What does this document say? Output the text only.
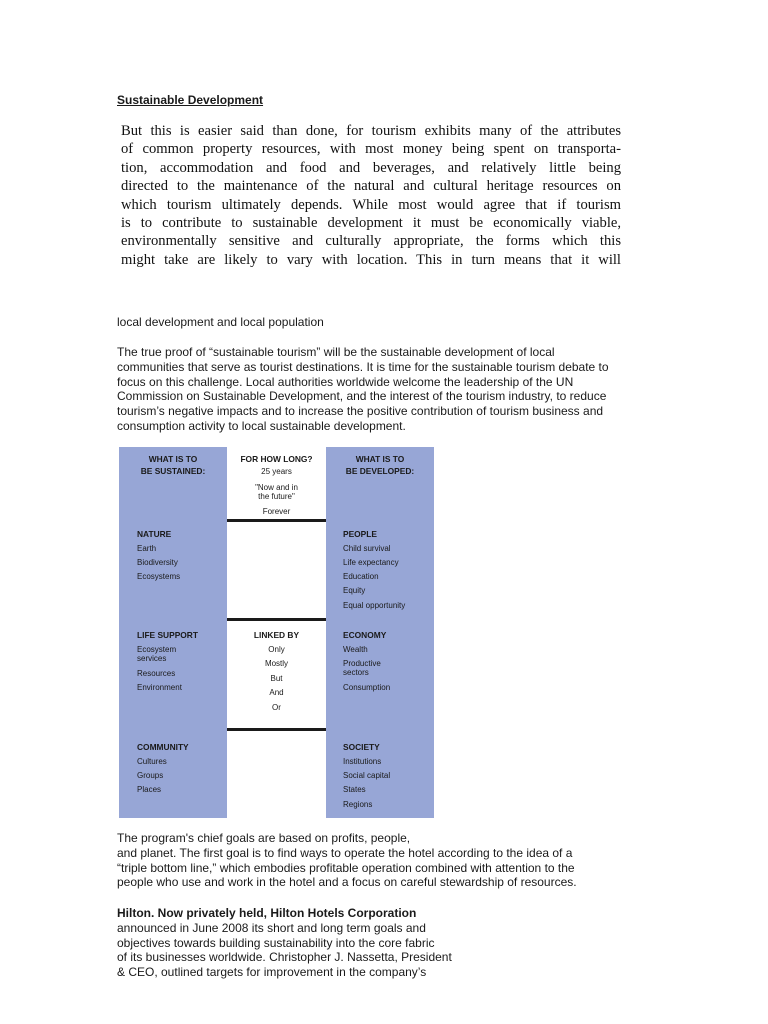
Sustainable Development
But this is easier said than done, for tourism exhibits many of the attributes
of common property resources, with most money being spent on transporta-
tion, accommodation and food and beverages, and relatively little being
directed to the maintenance of the natural and cultural heritage resources on
which tourism ultimately depends. While most would agree that if tourism
is to contribute to sustainable development it must be economically viable,
environmentally sensitive and culturally appropriate, the forms which this
might take are likely to vary with location. This in turn means that it will
local development and local population
The true proof of “sustainable tourism” will be the sustainable development of local
communities that serve as tourist destinations. It is time for the sustainable tourism debate to
focus on this challenge. Local authorities worldwide welcome the leadership of the UN
Commission on Sustainable Development, and the interest of the tourism industry, to reduce
tourism’s negative impacts and to increase the positive contribution of tourism business and
consumption activity to local sustainable development.
WHAT IS TO
BE SUSTAINED:
FOR HOW LONG?	WHAT IS TO
BE DEVELOPED:
25 years
"Now and in
the future"
Forever
LINKED BY
Only
Mostly
But
And
Or
NATURE
Earth
Biodiversity
Ecosystems
LIFE SUPPORT
Ecosystem
services
Resources
Environment
COMMUNITY
Cultures
Groups
Places
PEOPLE
Child survival
Life expectancy
Education
Equity
Equal opportunity
ECONOMY
Wealth
Productive
sectors
Consumption
SOCIETY
Institutions
Social capital
States
Regions
The program's chief goals are based on profits, people,
and planet. The first goal is to find ways to operate the hotel according to the idea of a
“triple bottom line,” which embodies profitable operation combined with attention to the
people who use and work in the hotel and a focus on careful stewardship of resources.
Hilton. Now privately held, Hilton Hotels Corporation
announced in June 2008 its short and long term goals and
objectives towards building sustainability into the core fabric
of its businesses worldwide. Christopher J. Nassetta, President
& CEO, outlined targets for improvement in the company’s
